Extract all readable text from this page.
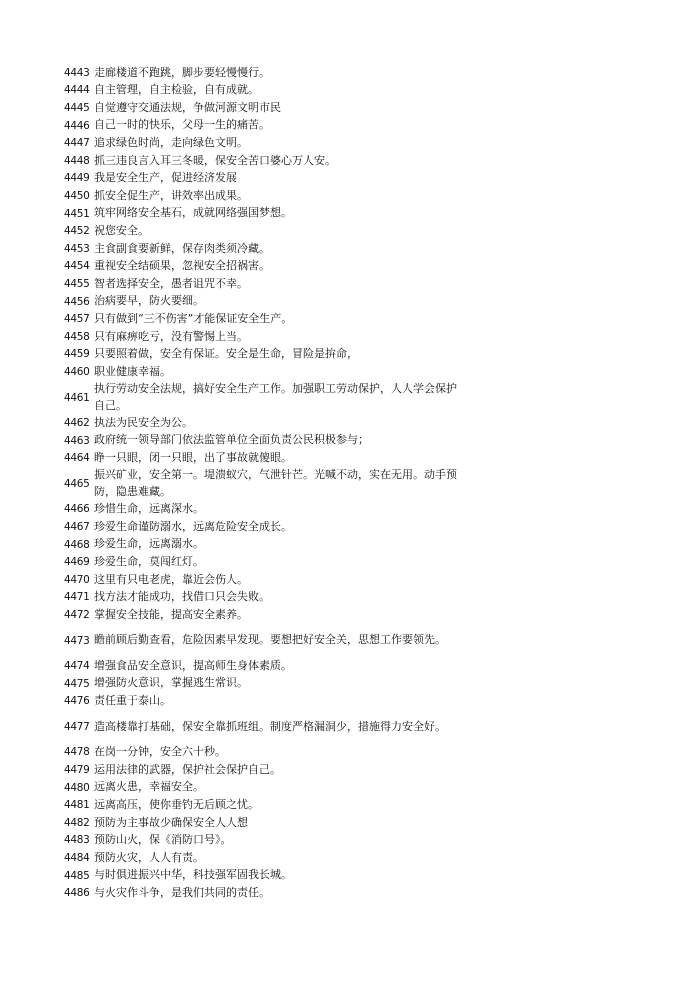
4443 走廊楼道不跑跳，脚步要轻慢慢行。
4444 自主管理，自主检验，自有成就。
4445 自觉遵守交通法规，争做河源文明市民
4446 自己一时的快乐，父母一生的痛苦。
4447 追求绿色时尚，走向绿色文明。
4448 抓三违良言入耳三冬暖，保安全苦口婆心万人安。
4449 我是安全生产，促进经济发展
4450 抓安全促生产，讲效率出成果。
4451 筑牢网络安全基石，成就网络强国梦想。
4452 祝您安全。
4453 主食副食要新鲜，保存肉类须冷藏。
4454 重视安全结硕果，忽视安全招祸害。
4455 智者选择安全，愚者诅咒不幸。
4456 治病要早，防火要细。
4457 只有做到“三不伤害”才能保证安全生产。
4458 只有麻痹吃亏，没有警惕上当。
4459 只要照着做，安全有保证。安全是生命，冒险是拚命，
4460 职业健康幸福。
4461
执行劳动安全法规，搞好安全生产工作。加强职工劳动保护，人人学会保护自己。
4462 执法为民安全为公。
4463 政府统一领导部门依法监管单位全面负责公民积极参与；
4464 睁一只眼，闭一只眼，出了事故就傻眼。
4465
振兴矿业，安全第一。堤溃蚁穴，气泄针芒。光喊不动，实在无用。动手预防，隐患难藏。
4466 珍惜生命，远离深水。
4467 珍爱生命谨防溺水，远离危险安全成长。
4468 珍爱生命，远离溺水。
4469 珍爱生命，莫闯红灯。
4470 这里有只电老虎，靠近会伤人。
4471 找方法才能成功，找借口只会失败。
4472 掌握安全技能，提高安全素养。
4473 瞻前顾后勤查看，危险因素早发现。要想把好安全关，思想工作要领先。
4474 增强食品安全意识，提高师生身体素质。
4475 增强防火意识，掌握逃生常识。
4476 责任重于泰山。
4477 造高楼靠打基础，保安全靠抓班组。制度严格漏洞少，措施得力安全好。
4478 在岗一分钟，安全六十秒。
4479 运用法律的武器，保护社会保护自己。
4480 远离火患，幸福安全。
4481 远离高压，使你垂钓无后顾之忧。
4482 预防为主事故少确保安全人人想
4483 预防山火，保《消防口号》。
4484 预防火灾，人人有责。
4485 与时俱进振兴中华，科技强军固我长城。
4486 与火灾作斗争，是我们共同的责任。
